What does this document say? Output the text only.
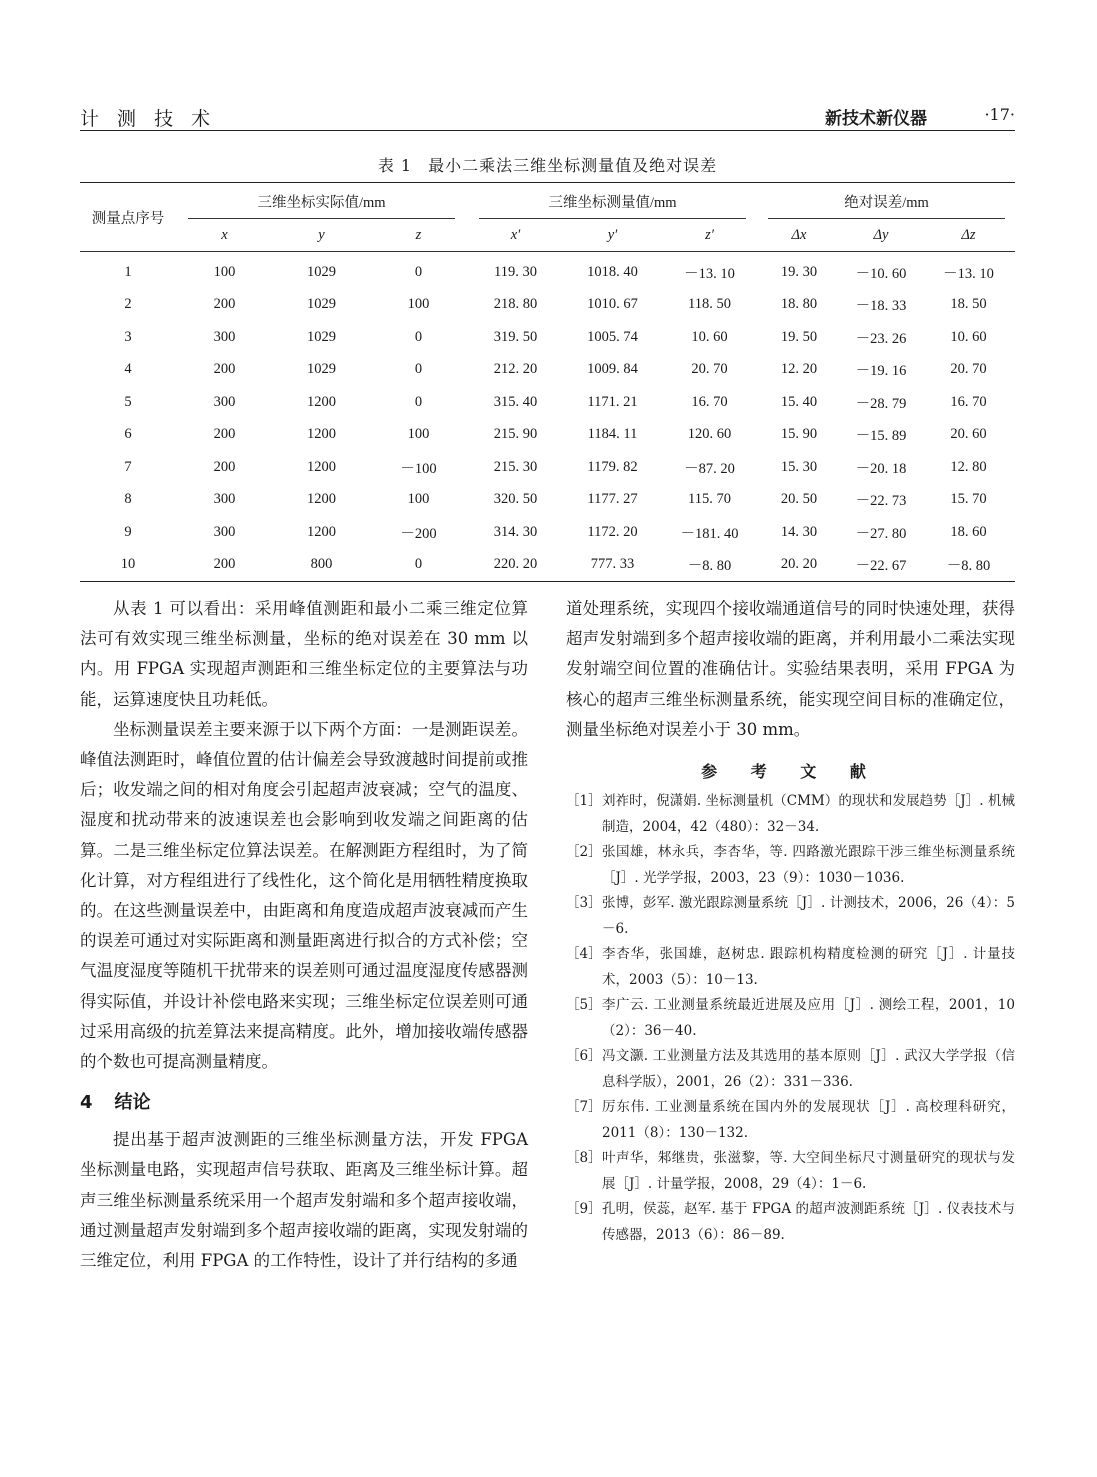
计 测 技 术	新技术新仪器	·17·
表 1 最小二乘法三维坐标测量值及绝对误差
测量点序号	三维坐标实际值/mm			三维坐标测量值/mm			绝对误差/mm		
	x	y	z	x′	y′	z′	Δx	Δy	Δz
1	100	1029	0	119. 30	1018. 40	－13. 10	19. 30	－10. 60	－13. 10
2	200	1029	100	218. 80	1010. 67	118. 50	18. 80	－18. 33	18. 50
3	300	1029	0	319. 50	1005. 74	10. 60	19. 50	－23. 26	10. 60
4	200	1029	0	212. 20	1009. 84	20. 70	12. 20	－19. 16	20. 70
5	300	1200	0	315. 40	1171. 21	16. 70	15. 40	－28. 79	16. 70
6	200	1200	100	215. 90	1184. 11	120. 60	15. 90	－15. 89	20. 60
7	200	1200	－100	215. 30	1179. 82	－87. 20	15. 30	－20. 18	12. 80
8	300	1200	100	320. 50	1177. 27	115. 70	20. 50	－22. 73	15. 70
9	300	1200	－200	314. 30	1172. 20	－181. 40	14. 30	－27. 80	18. 60
10	200	800	0	220. 20	777. 33	－8. 80	20. 20	－22. 67	－8. 80

从表 1 可以看出：采用峰值测距和最小二乘三维定位算法可有效实现三维坐标测量，坐标的绝对误差在 30 mm 以内。用 FPGA 实现超声测距和三维坐标定位的主要算法与功能，运算速度快且功耗低。

坐标测量误差主要来源于以下两个方面：一是测距误差。峰值法测距时，峰值位置的估计偏差会导致渡越时间提前或推后；收发端之间的相对角度会引起超声波衰减；空气的温度、湿度和扰动带来的波速误差也会影响到收发端之间距离的估算。二是三维坐标定位算法误差。在解测距方程组时，为了简化计算，对方程组进行了线性化，这个简化是用牺牲精度换取的。在这些测量误差中，由距离和角度造成超声波衰减而产生的误差可通过对实际距离和测量距离进行拟合的方式补偿；空气温度湿度等随机干扰带来的误差则可通过温度湿度传感器测得实际值，并设计补偿电路来实现；三维坐标定位误差则可通过采用高级的抗差算法来提高精度。此外，增加接收端传感器的个数也可提高测量精度。

4 结论

提出基于超声波测距的三维坐标测量方法，开发 FPGA 坐标测量电路，实现超声信号获取、距离及三维坐标计算。超声三维坐标测量系统采用一个超声发射端和多个超声接收端，通过测量超声发射端到多个超声接收端的距离，实现发射端的三维定位，利用 FPGA 的工作特性，设计了并行结构的多通

道处理系统，实现四个接收端通道信号的同时快速处理，获得超声发射端到多个超声接收端的距离，并利用最小二乘法实现发射端空间位置的准确估计。实验结果表明，采用 FPGA 为核心的超声三维坐标测量系统，能实现空间目标的准确定位，测量坐标绝对误差小于 30 mm。

参 考 文 献
［1］ 刘祚时，倪潇娟. 坐标测量机（CMM）的现状和发展趋势［J］. 机械制造，2004，42（480）：32－34.
［2］ 张国雄，林永兵，李杏华，等. 四路激光跟踪干涉三维坐标测量系统［J］. 光学学报，2003，23（9）：1030－1036.
［3］ 张博，彭军. 激光跟踪测量系统［J］. 计测技术，2006，26（4）：5－6.
［4］ 李杏华，张国雄，赵树忠. 跟踪机构精度检测的研究［J］. 计量技术，2003（5）：10－13.
［5］ 李广云. 工业测量系统最近进展及应用［J］. 测绘工程，2001，10（2）：36－40.
［6］ 冯文灏. 工业测量方法及其选用的基本原则［J］. 武汉大学学报（信息科学版），2001，26（2）：331－336.
［7］ 厉东伟. 工业测量系统在国内外的发展现状［J］. 高校理科研究，2011（8）：130－132.
［8］ 叶声华，邾继贵，张滋黎，等. 大空间坐标尺寸测量研究的现状与发展［J］. 计量学报，2008，29（4）：1－6.
［9］ 孔明，侯蕊，赵军. 基于 FPGA 的超声波测距系统［J］. 仪表技术与传感器，2013（6）：86－89.
